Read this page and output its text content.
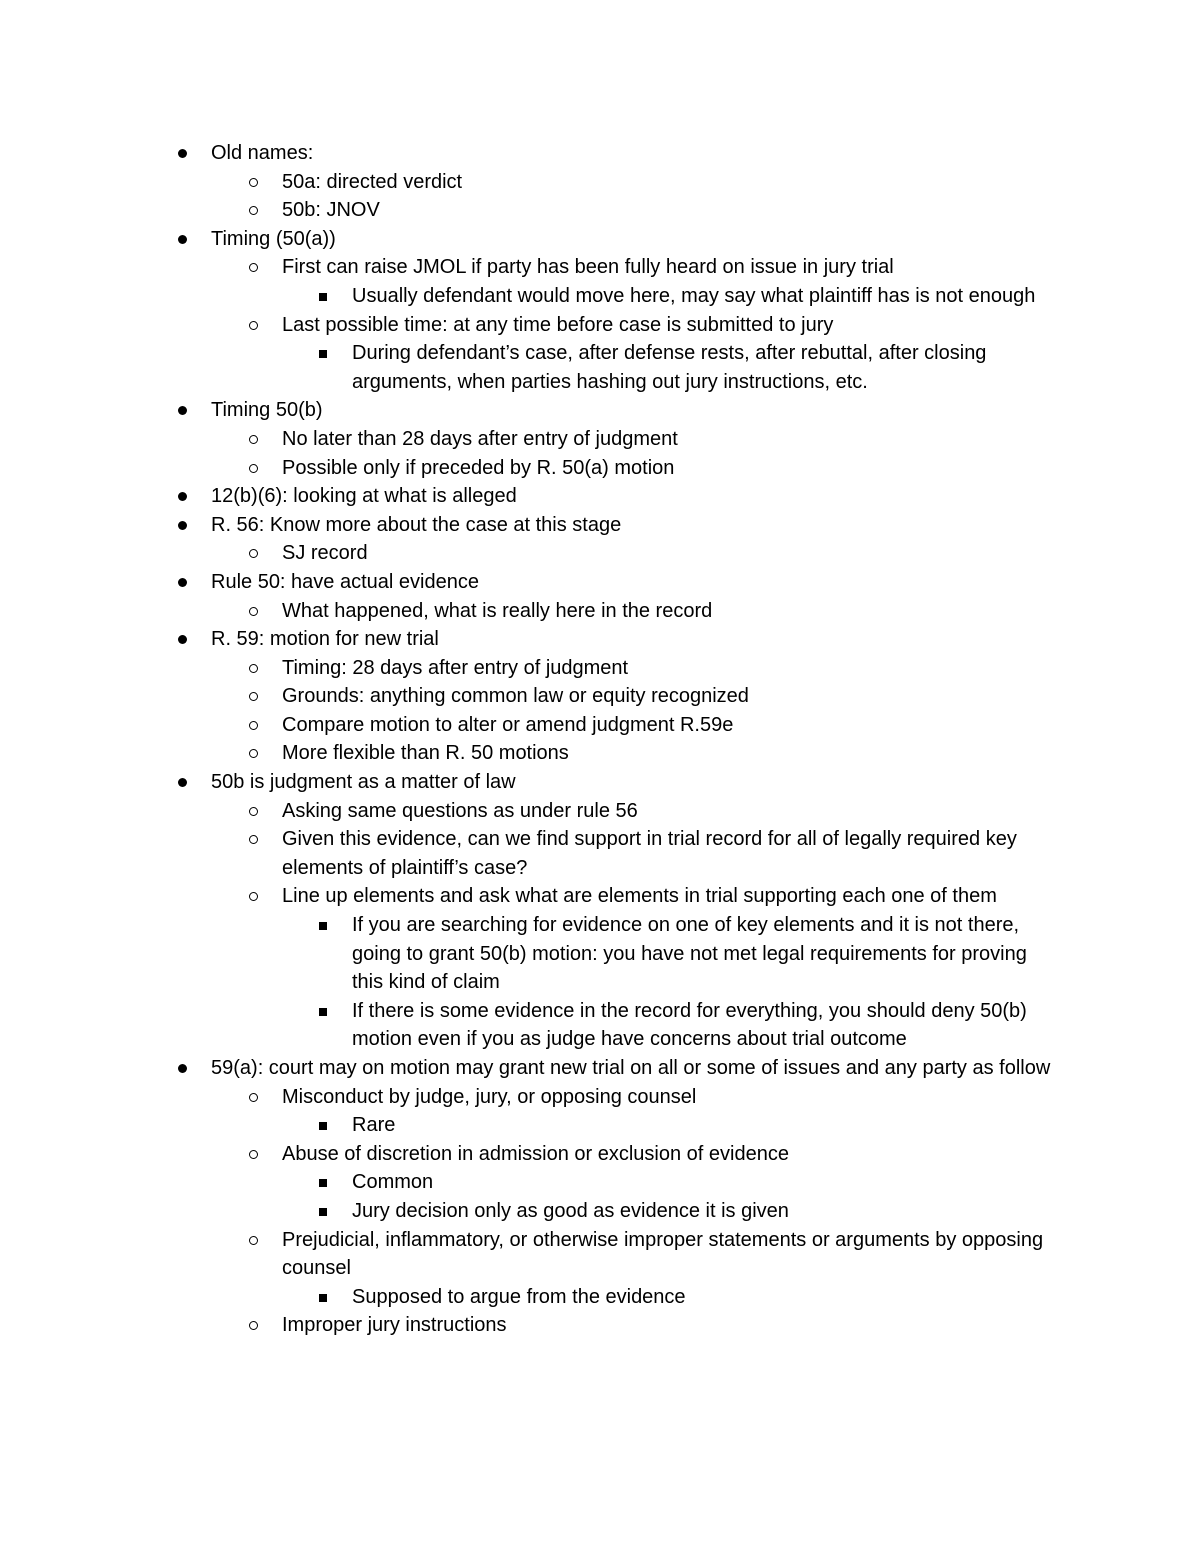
Old names:
50a: directed verdict
50b: JNOV
Timing (50(a))
First can raise JMOL if party has been fully heard on issue in jury trial
Usually defendant would move here, may say what plaintiff has is not enough
Last possible time: at any time before case is submitted to jury
During defendant’s case, after defense rests, after rebuttal, after closing arguments, when parties hashing out jury instructions, etc.
Timing 50(b)
No later than 28 days after entry of judgment
Possible only if preceded by R. 50(a) motion
12(b)(6): looking at what is alleged
R. 56: Know more about the case at this stage
SJ record
Rule 50: have actual evidence
What happened, what is really here in the record
R. 59: motion for new trial
Timing: 28 days after entry of judgment
Grounds: anything common law or equity recognized
Compare motion to alter or amend judgment R.59e
More flexible than R. 50 motions
50b is judgment as a matter of law
Asking same questions as under rule 56
Given this evidence, can we find support in trial record for all of legally required key elements of plaintiff’s case?
Line up elements and ask what are elements in trial supporting each one of them
If you are searching for evidence on one of key elements and it is not there, going to grant 50(b) motion: you have not met legal requirements for proving this kind of claim
If there is some evidence in the record for everything, you should deny 50(b) motion even if you as judge have concerns about trial outcome
59(a): court may on motion may grant new trial on all or some of issues and any party as follow
Misconduct by judge, jury, or opposing counsel
Rare
Abuse of discretion in admission or exclusion of evidence
Common
Jury decision only as good as evidence it is given
Prejudicial, inflammatory, or otherwise improper statements or arguments by opposing counsel
Supposed to argue from the evidence
Improper jury instructions
